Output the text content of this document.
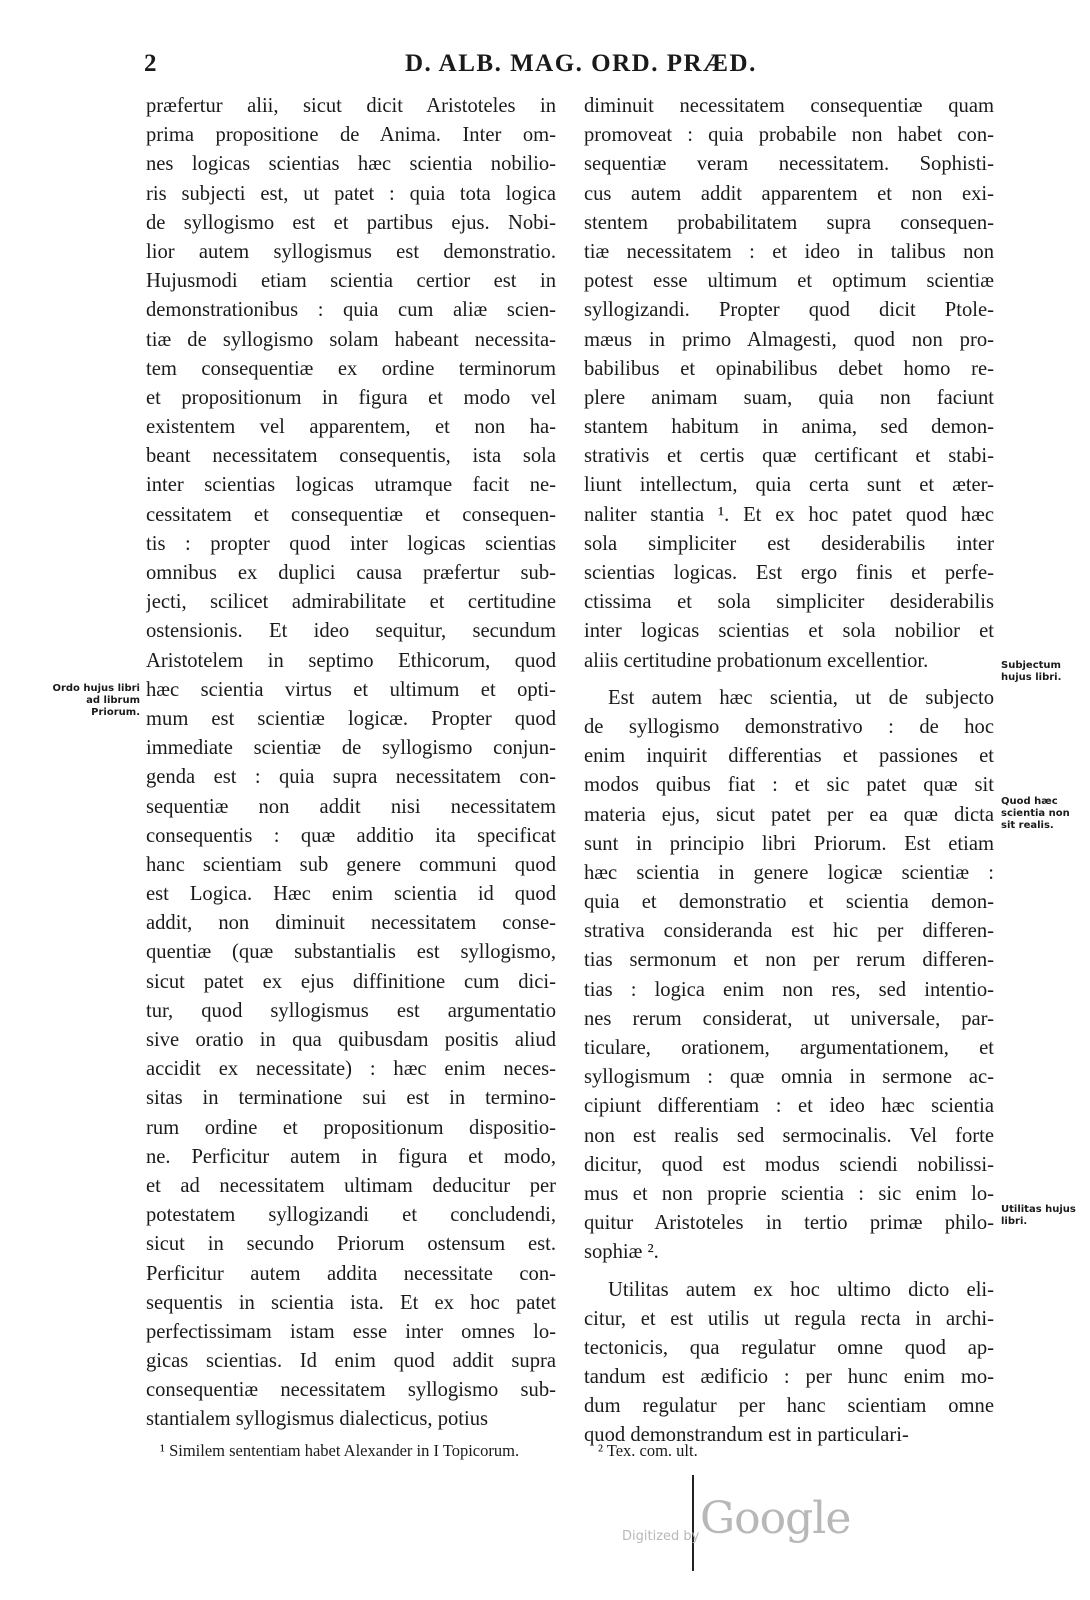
2	D. ALB. MAG. ORD. PRÆD.
præfertur alii, sicut dicit Aristoteles in
prima propositione de Anima. Inter om-
nes logicas scientias hæc scientia nobilio-
ris subjecti est, ut patet : quia tota logica
de syllogismo est et partibus ejus. Nobi-
lior autem syllogismus est demonstratio.
Hujusmodi etiam scientia certior est in
demonstrationibus : quia cum aliæ scien-
tiæ de syllogismo solam habeant necessita-
tem consequentiæ ex ordine terminorum
et propositionum in figura et modo vel
existentem vel apparentem, et non ha-
beant necessitatem consequentis, ista sola
inter scientias logicas utramque facit ne-
cessitatem et consequentiæ et consequen-
tis : propter quod inter logicas scientias
omnibus ex duplici causa præfertur sub-
jecti, scilicet admirabilitate et certitudine
ostensionis. Et ideo sequitur, secundum
Aristotelem in septimo Ethicorum, quod
hæc scientia virtus et ultimum et opti-
mum est scientiæ logicæ. Propter quod
immediate scientiæ de syllogismo conjun-
genda est : quia supra necessitatem con-
sequentiæ non addit nisi necessitatem
consequentis : quæ additio ita specificat
hanc scientiam sub genere communi quod
est Logica. Hæc enim scientia id quod
addit, non diminuit necessitatem conse-
quentiæ (quæ substantialis est syllogismo,
sicut patet ex ejus diffinitione cum dici-
tur, quod syllogismus est argumentatio
sive oratio in qua quibusdam positis aliud
accidit ex necessitate) : hæc enim neces-
sitas in terminatione sui est in termino-
rum ordine et propositionum dispositio-
ne. Perficitur autem in figura et modo,
et ad necessitatem ultimam deducitur per
potestatem syllogizandi et concludendi,
sicut in secundo Priorum ostensum est.
Perficitur autem addita necessitate con-
sequentis in scientia ista. Et ex hoc patet
perfectissimam istam esse inter omnes lo-
gicas scientias. Id enim quod addit supra
consequentiæ necessitatem syllogismo sub-
stantialem syllogismus dialecticus, potius
diminuit necessitatem consequentiæ quam
promoveat : quia probabile non habet con-
sequentiæ veram necessitatem. Sophisti-
cus autem addit apparentem et non exi-
stentem probabilitatem supra consequen-
tiæ necessitatem : et ideo in talibus non
potest esse ultimum et optimum scientiæ
syllogizandi. Propter quod dicit Ptole-
mæus in primo Almagesti, quod non pro-
babilibus et opinabilibus debet homo re-
plere animam suam, quia non faciunt
stantem habitum in anima, sed demon-
strativis et certis quæ certificant et stabi-
liunt intellectum, quia certa sunt et æter-
naliter stantia ¹. Et ex hoc patet quod hæc
sola simpliciter est desiderabilis inter
scientias logicas. Est ergo finis et perfe-
ctissima et sola simpliciter desiderabilis
inter logicas scientias et sola nobilior et
aliis certitudine probationum excellentior.
Est autem hæc scientia, ut de subjecto
de syllogismo demonstrativo : de hoc
enim inquirit differentias et passiones et
modos quibus fiat : et sic patet quæ sit
materia ejus, sicut patet per ea quæ dicta
sunt in principio libri Priorum. Est etiam
hæc scientia in genere logicæ scientiæ :
quia et demonstratio et scientia demon-
strativa consideranda est hic per differen-
tias sermonum et non per rerum differen-
tias : logica enim non res, sed intentio-
nes rerum considerat, ut universale, par-
ticulare, orationem, argumentationem, et
syllogismum : quæ omnia in sermone ac-
cipiunt differentiam : et ideo hæc scientia
non est realis sed sermocinalis. Vel forte
dicitur, quod est modus sciendi nobilissi-
mus et non proprie scientia : sic enim lo-
quitur Aristoteles in tertio primæ philo-
sophiæ ².
Utilitas autem ex hoc ultimo dicto eli-
citur, et est utilis ut regula recta in archi-
tectonicis, qua regulatur omne quod ap-
tandum est ædificio : per hunc enim mo-
dum regulatur per hanc scientiam omne
quod demonstrandum est in particulari-
Ordo hujus libri ad librum Priorum.
Subjectum hujus libri.
Quod hæc scientia non sit realis.
Utilitas hujus libri.
¹ Similem sententiam habet Alexander in I Topicorum.	² Tex. com. ult.
Digitized by Google
